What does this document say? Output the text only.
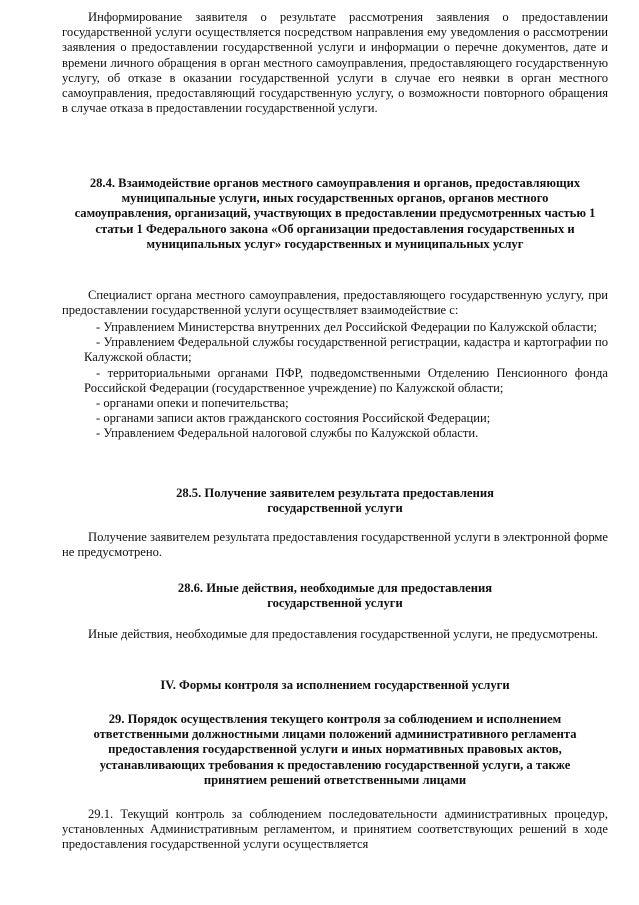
Информирование заявителя о результате рассмотрения заявления о предоставлении государственной услуги осуществляется посредством направления ему уведомления о рассмотрении заявления о предоставлении государственной услуги и информации о перечне документов, дате и времени личного обращения в орган местного самоуправления, предоставляющего государственную услугу, об отказе в оказании государственной услуги в случае его неявки в орган местного самоуправления, предоставляющий государственную услугу, о возможности повторного обращения в случае отказа в предоставлении государственной услуги.

28.4. Взаимодействие органов местного самоуправления и органов, предоставляющих муниципальные услуги, иных государственных органов, органов местного самоуправления, организаций, участвующих в предоставлении предусмотренных частью 1 статьи 1 Федерального закона «Об организации предоставления государственных и муниципальных услуг» государственных и муниципальных услуг

Специалист органа местного самоуправления, предоставляющего государственную услугу, при предоставлении государственной услуги осуществляет взаимодействие с:

- Управлением Министерства внутренних дел Российской Федерации по Калужской области;
- Управлением Федеральной службы государственной регистрации, кадастра и картографии по Калужской области;
- территориальными органами ПФР, подведомственными Отделению Пенсионного фонда Российской Федерации (государственное учреждение) по Калужской области;
- органами опеки и попечительства;
- органами записи актов гражданского состояния Российской Федерации;
- Управлением Федеральной налоговой службы по Калужской области.
28.5. Получение заявителем результата предоставления
государственной услуги

Получение заявителем результата предоставления государственной услуги в электронной форме не предусмотрено.

28.6. Иные действия, необходимые для предоставления
государственной услуги

Иные действия, необходимые для предоставления государственной услуги, не предусмотрены.

IV. Формы контроля за исполнением государственной услуги

29. Порядок осуществления текущего контроля за соблюдением и исполнением ответственными должностными лицами положений административного регламента предоставления государственной услуги и иных нормативных правовых актов, устанавливающих требования к предоставлению государственной услуги, а также принятием решений ответственными лицами

29.1. Текущий контроль за соблюдением последовательности административных процедур, установленных Административным регламентом, и принятием соответствующих решений в ходе предоставления государственной услуги осуществляется
